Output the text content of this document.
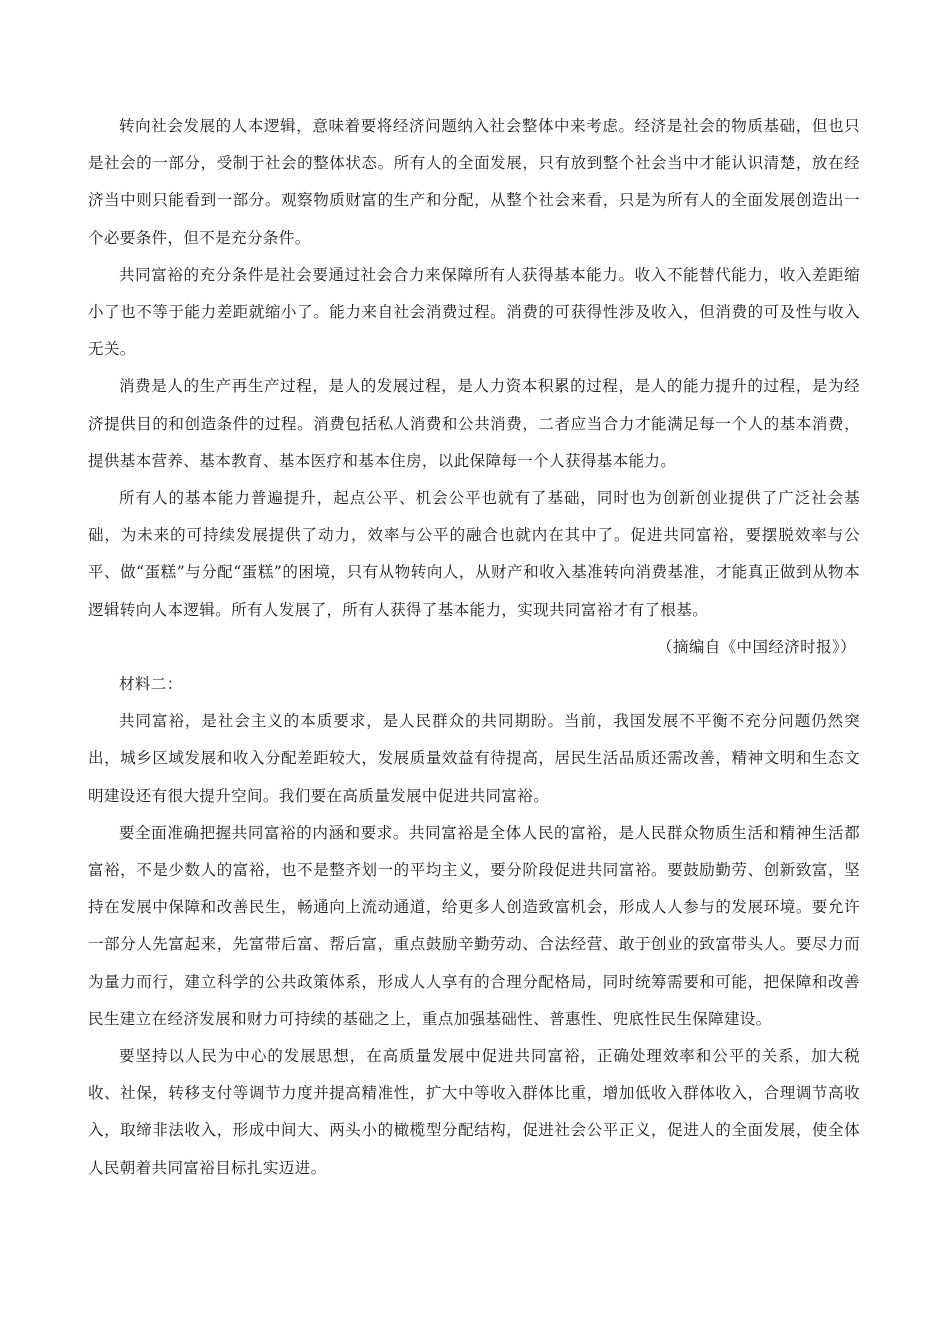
转向社会发展的人本逻辑，意味着要将经济问题纳入社会整体中来考虑。经济是社会的物质基础，但也只是社会的一部分，受制于社会的整体状态。所有人的全面发展，只有放到整个社会当中才能认识清楚，放在经济当中则只能看到一部分。观察物质财富的生产和分配，从整个社会来看，只是为所有人的全面发展创造出一个必要条件，但不是充分条件。

共同富裕的充分条件是社会要通过社会合力来保障所有人获得基本能力。收入不能替代能力，收入差距缩小了也不等于能力差距就缩小了。能力来自社会消费过程。消费的可获得性涉及收入，但消费的可及性与收入无关。

消费是人的生产再生产过程，是人的发展过程，是人力资本积累的过程，是人的能力提升的过程，是为经济提供目的和创造条件的过程。消费包括私人消费和公共消费，二者应当合力才能满足每一个人的基本消费，提供基本营养、基本教育、基本医疗和基本住房，以此保障每一个人获得基本能力。

所有人的基本能力普遍提升，起点公平、机会公平也就有了基础，同时也为创新创业提供了广泛社会基础，为未来的可持续发展提供了动力，效率与公平的融合也就内在其中了。促进共同富裕，要摆脱效率与公平、做“蛋糕”与分配“蛋糕”的困境，只有从物转向人，从财产和收入基准转向消费基准，才能真正做到从物本逻辑转向人本逻辑。所有人发展了，所有人获得了基本能力，实现共同富裕才有了根基。

（摘编自《中国经济时报》）

材料二：

共同富裕，是社会主义的本质要求，是人民群众的共同期盼。当前，我国发展不平衡不充分问题仍然突出，城乡区域发展和收入分配差距较大，发展质量效益有待提高，居民生活品质还需改善，精神文明和生态文明建设还有很大提升空间。我们要在高质量发展中促进共同富裕。

要全面准确把握共同富裕的内涵和要求。共同富裕是全体人民的富裕，是人民群众物质生活和精神生活都富裕，不是少数人的富裕，也不是整齐划一的平均主义，要分阶段促进共同富裕。要鼓励勤劳、创新致富，坚持在发展中保障和改善民生，畅通向上流动通道，给更多人创造致富机会，形成人人参与的发展环境。要允许一部分人先富起来，先富带后富、帮后富，重点鼓励辛勤劳动、合法经营、敢于创业的致富带头人。要尽力而为量力而行，建立科学的公共政策体系，形成人人享有的合理分配格局，同时统筹需要和可能，把保障和改善民生建立在经济发展和财力可持续的基础之上，重点加强基础性、普惠性、兜底性民生保障建设。

要坚持以人民为中心的发展思想，在高质量发展中促进共同富裕，正确处理效率和公平的关系，加大税收、社保，转移支付等调节力度并提高精准性，扩大中等收入群体比重，增加低收入群体收入，合理调节高收入，取缔非法收入，形成中间大、两头小的橄榄型分配结构，促进社会公平正义，促进人的全面发展，使全体人民朝着共同富裕目标扎实迈进。
